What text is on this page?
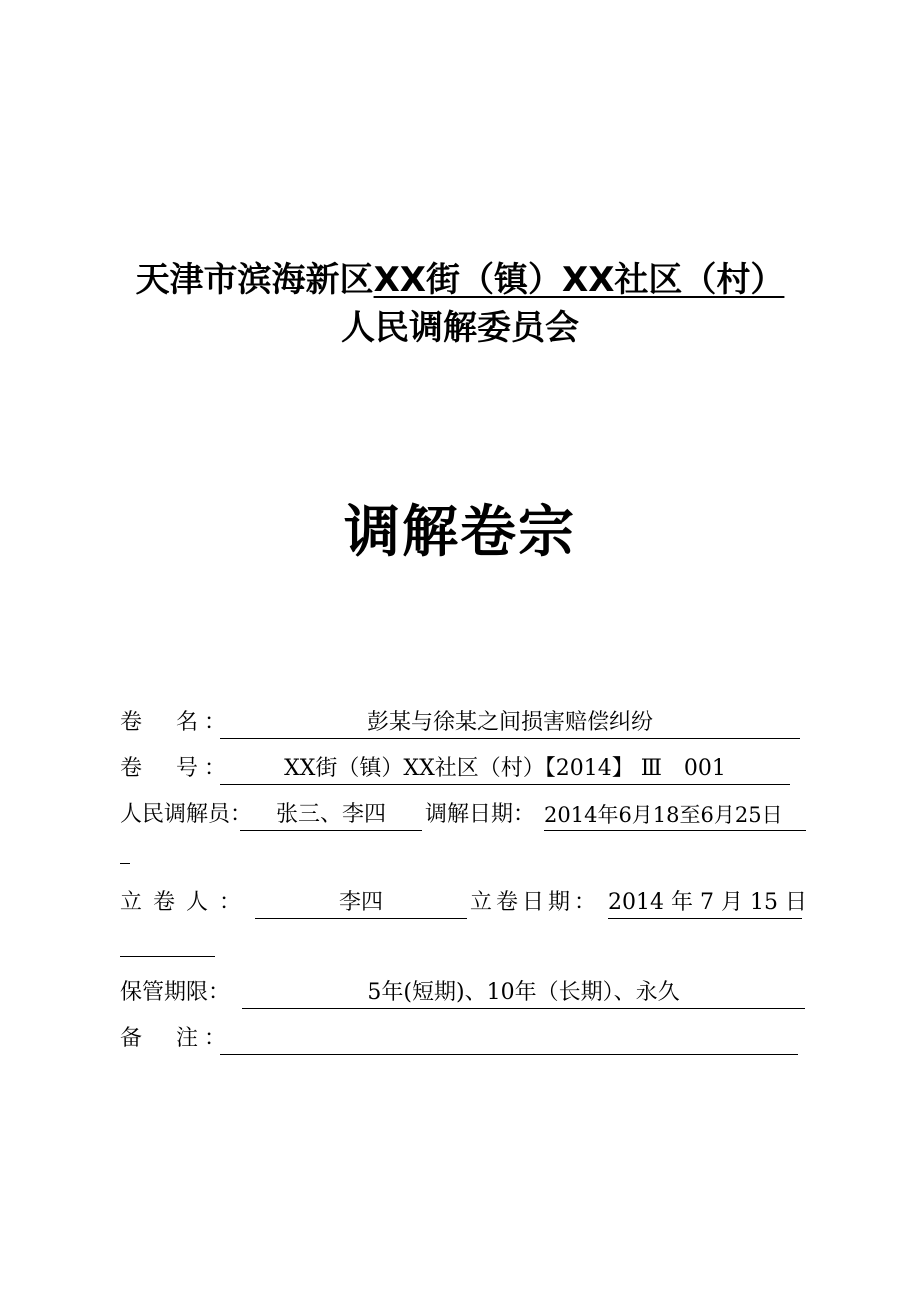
天津市滨海新区XX街（镇）XX社区（村）
人民调解委员会
调解卷宗
卷　名：	彭某与徐某之间损害赔偿纠纷
卷　号：	XX街（镇）XX社区（村）【2014】 Ⅲ　001
人民调解员：	张三、李四	调解日期： 2014年6月18至6月25日
立 卷 人 ：	李四	立卷日期： 2014 年 7 月 15 日
保管期限：	5年(短期)、10年（长期）、永久
备　注：
